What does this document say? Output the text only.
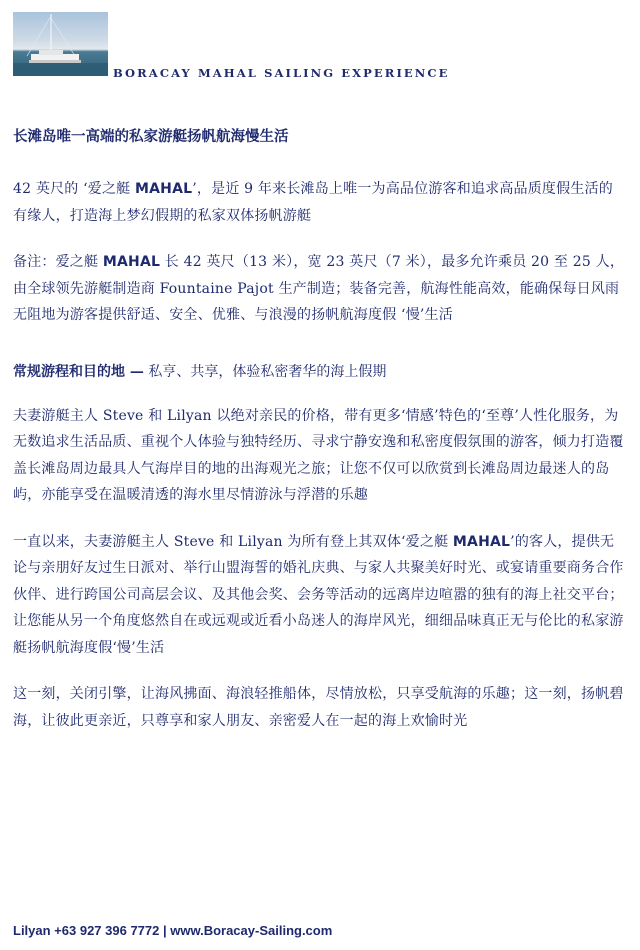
BORACAY MAHAL SAILING EXPERIENCE
长滩岛唯一高端的私家游艇扬帆航海慢生活

42 英尺的 ‘爱之艇 MAHAL’，是近 9 年来长滩岛上唯一为高品位游客和追求高品质度假生活的有缘人，打造海上梦幻假期的私家双体扬帆游艇

备注：爱之艇 MAHAL 长 42 英尺（13 米），宽 23 英尺（7 米），最多允许乘员 20 至 25 人，由全球领先游艇制造商 Fountaine Pajot 生产制造；装备完善，航海性能高效，能确保每日风雨无阻地为游客提供舒适、安全、优雅、与浪漫的扬帆航海度假 ‘慢’生活

常规游程和目的地 — 私亨、共享，体验私密奢华的海上假期

夫妻游艇主人 Steve 和 Lilyan 以绝对亲民的价格，带有更多‘情感’特色的‘至尊’人性化服务，为无数追求生活品质、重视个人体验与独特经历、寻求宁静安逸和私密度假氛围的游客，倾力打造覆盖长滩岛周边最具人气海岸目的地的出海观光之旅；让您不仅可以欣赏到长滩岛周边最迷人的岛屿，亦能享受在温暖清透的海水里尽情游泳与浮潜的乐趣

一直以来，夫妻游艇主人 Steve 和 Lilyan 为所有登上其双体‘爱之艇 MAHAL’的客人，提供无论与亲朋好友过生日派对、举行山盟海誓的婚礼庆典、与家人共聚美好时光、或宴请重要商务合作伙伴、进行跨国公司高层会议、及其他会奖、会务等活动的远离岸边喧嚣的独有的海上社交平台；让您能从另一个角度悠然自在或远观或近看小岛迷人的海岸风光，细细品味真正无与伦比的私家游艇扬帆航海度假‘慢’生活

这一刻，关闭引擎，让海风拂面、海浪轻推船体，尽情放松，只享受航海的乐趣；这一刻，扬帆碧海，让彼此更亲近，只尊享和家人朋友、亲密爱人在一起的海上欢愉时光

Lilyan +63 927 396 7772 | www.Boracay-Sailing.com
